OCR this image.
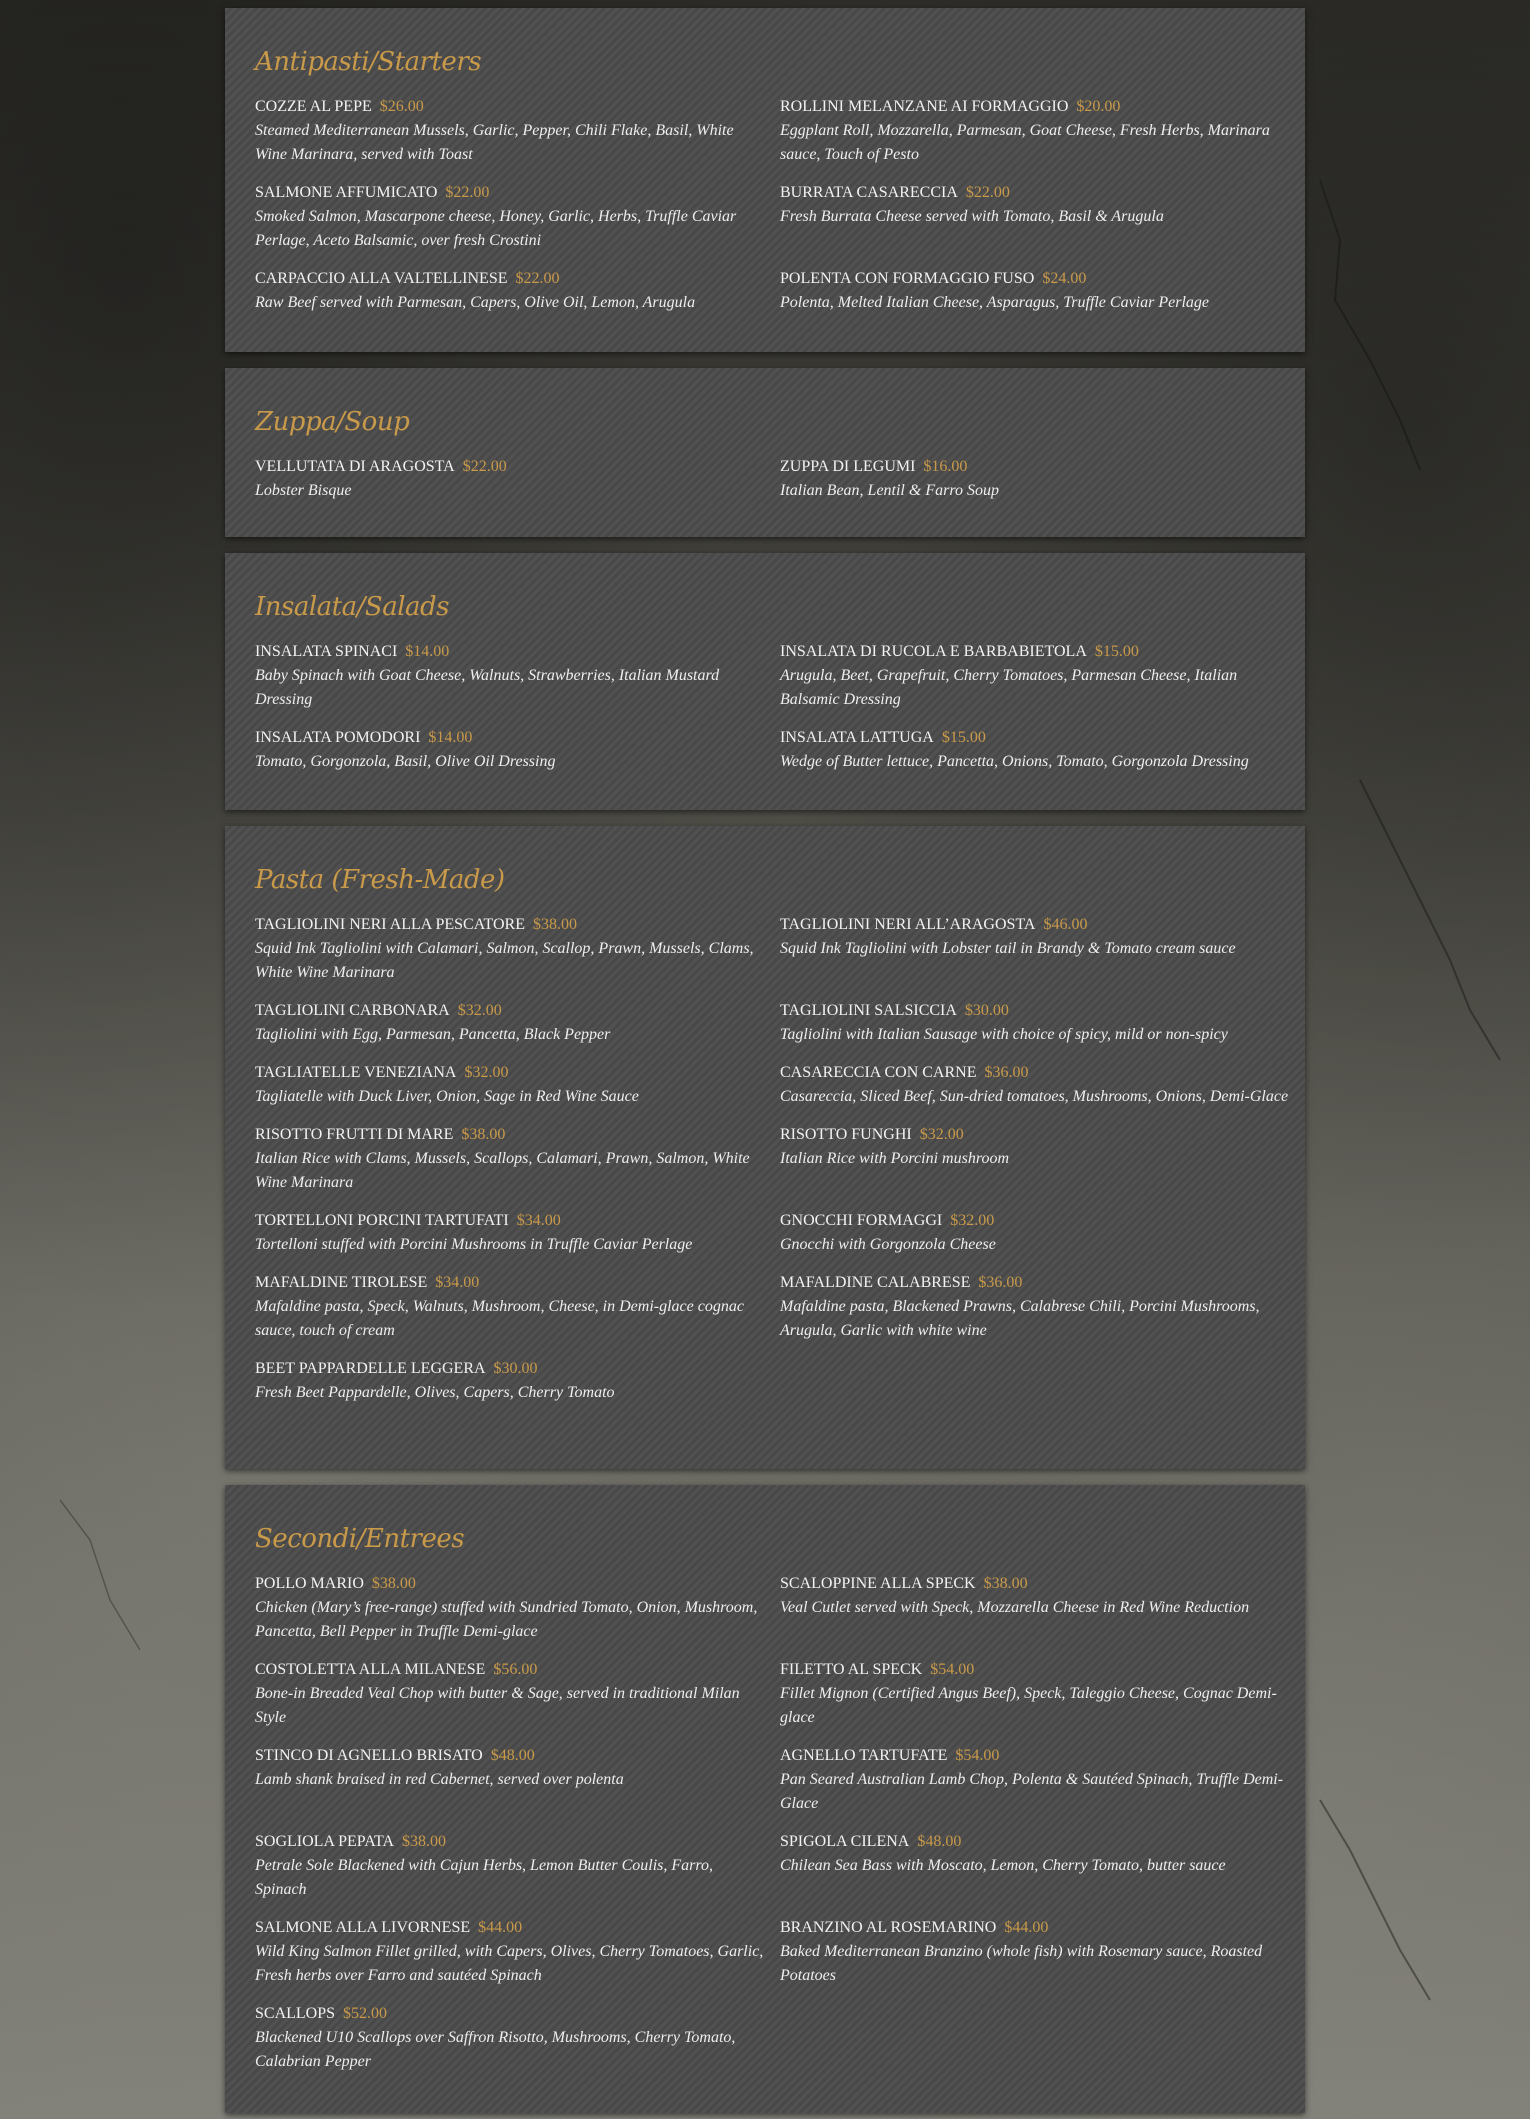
Antipasti/Starters
COZZE AL PEPE $26.00
Steamed Mediterranean Mussels, Garlic, Pepper, Chili Flake, Basil, White Wine Marinara, served with Toast
ROLLINI MELANZANE AI FORMAGGIO $20.00
Eggplant Roll, Mozzarella, Parmesan, Goat Cheese, Fresh Herbs, Marinara sauce, Touch of Pesto
SALMONE AFFUMICATO $22.00
Smoked Salmon, Mascarpone cheese, Honey, Garlic, Herbs, Truffle Caviar Perlage, Aceto Balsamic, over fresh Crostini
BURRATA CASARECCIA $22.00
Fresh Burrata Cheese served with Tomato, Basil & Arugula
CARPACCIO ALLA VALTELLINESE $22.00
Raw Beef served with Parmesan, Capers, Olive Oil, Lemon, Arugula
POLENTA CON FORMAGGIO FUSO $24.00
Polenta, Melted Italian Cheese, Asparagus, Truffle Caviar Perlage
Zuppa/Soup
VELLUTATA DI ARAGOSTA $22.00
Lobster Bisque
ZUPPA DI LEGUMI $16.00
Italian Bean, Lentil & Farro Soup
Insalata/Salads
INSALATA SPINACI $14.00
Baby Spinach with Goat Cheese, Walnuts, Strawberries, Italian Mustard Dressing
INSALATA DI RUCOLA E BARBABIETOLA $15.00
Arugula, Beet, Grapefruit, Cherry Tomatoes, Parmesan Cheese, Italian Balsamic Dressing
INSALATA POMODORI $14.00
Tomato, Gorgonzola, Basil, Olive Oil Dressing
INSALATA LATTUGA $15.00
Wedge of Butter lettuce, Pancetta, Onions, Tomato, Gorgonzola Dressing
Pasta (Fresh-Made)
TAGLIOLINI NERI ALLA PESCATORE $38.00
Squid Ink Tagliolini with Calamari, Salmon, Scallop, Prawn, Mussels, Clams, White Wine Marinara
TAGLIOLINI NERI ALL’ARAGOSTA $46.00
Squid Ink Tagliolini with Lobster tail in Brandy & Tomato cream sauce
TAGLIOLINI CARBONARA $32.00
Tagliolini with Egg, Parmesan, Pancetta, Black Pepper
TAGLIOLINI SALSICCIA $30.00
Tagliolini with Italian Sausage with choice of spicy, mild or non-spicy
TAGLIATELLE VENEZIANA $32.00
Tagliatelle with Duck Liver, Onion, Sage in Red Wine Sauce
CASARECCIA CON CARNE $36.00
Casareccia, Sliced Beef, Sun-dried tomatoes, Mushrooms, Onions, Demi-Glace
RISOTTO FRUTTI DI MARE $38.00
Italian Rice with Clams, Mussels, Scallops, Calamari, Prawn, Salmon, White Wine Marinara
RISOTTO FUNGHI $32.00
Italian Rice with Porcini mushroom
TORTELLONI PORCINI TARTUFATI $34.00
Tortelloni stuffed with Porcini Mushrooms in Truffle Caviar Perlage
GNOCCHI FORMAGGI $32.00
Gnocchi with Gorgonzola Cheese
MAFALDINE TIROLESE $34.00
Mafaldine pasta, Speck, Walnuts, Mushroom, Cheese, in Demi-glace cognac sauce, touch of cream
MAFALDINE CALABRESE $36.00
Mafaldine pasta, Blackened Prawns, Calabrese Chili, Porcini Mushrooms, Arugula, Garlic with white wine
BEET PAPPARDELLE LEGGERA $30.00
Fresh Beet Pappardelle, Olives, Capers, Cherry Tomato
Secondi/Entrees
POLLO MARIO $38.00
Chicken (Mary’s free-range) stuffed with Sundried Tomato, Onion, Mushroom, Pancetta, Bell Pepper in Truffle Demi-glace
SCALOPPINE ALLA SPECK $38.00
Veal Cutlet served with Speck, Mozzarella Cheese in Red Wine Reduction
COSTOLETTA ALLA MILANESE $56.00
Bone-in Breaded Veal Chop with butter & Sage, served in traditional Milan Style
FILETTO AL SPECK $54.00
Fillet Mignon (Certified Angus Beef), Speck, Taleggio Cheese, Cognac Demi-glace
STINCO DI AGNELLO BRISATO $48.00
Lamb shank braised in red Cabernet, served over polenta
AGNELLO TARTUFATE $54.00
Pan Seared Australian Lamb Chop, Polenta & Sautéed Spinach, Truffle Demi-Glace
SOGLIOLA PEPATA $38.00
Petrale Sole Blackened with Cajun Herbs, Lemon Butter Coulis, Farro, Spinach
SPIGOLA CILENA $48.00
Chilean Sea Bass with Moscato, Lemon, Cherry Tomato, butter sauce
SALMONE ALLA LIVORNESE $44.00
Wild King Salmon Fillet grilled, with Capers, Olives, Cherry Tomatoes, Garlic, Fresh herbs over Farro and sautéed Spinach
BRANZINO AL ROSEMARINO $44.00
Baked Mediterranean Branzino (whole fish) with Rosemary sauce, Roasted Potatoes
SCALLOPS $52.00
Blackened U10 Scallops over Saffron Risotto, Mushrooms, Cherry Tomato, Calabrian Pepper
